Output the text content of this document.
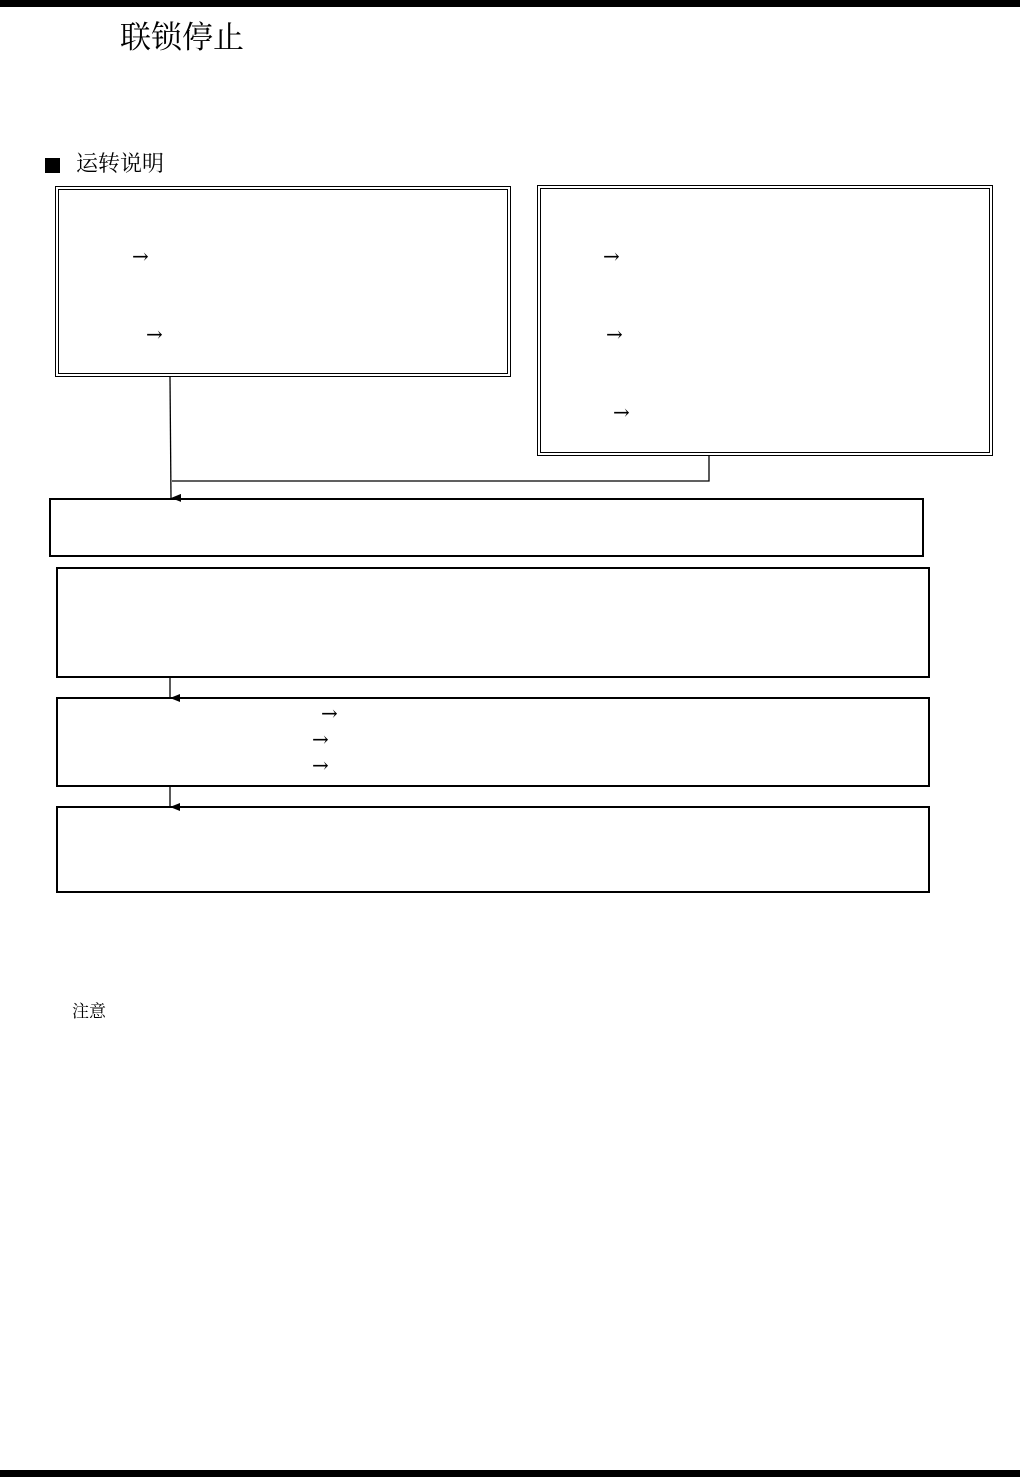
联锁停止
运转说明
→
→
→
→
→
→
→
→
注意
